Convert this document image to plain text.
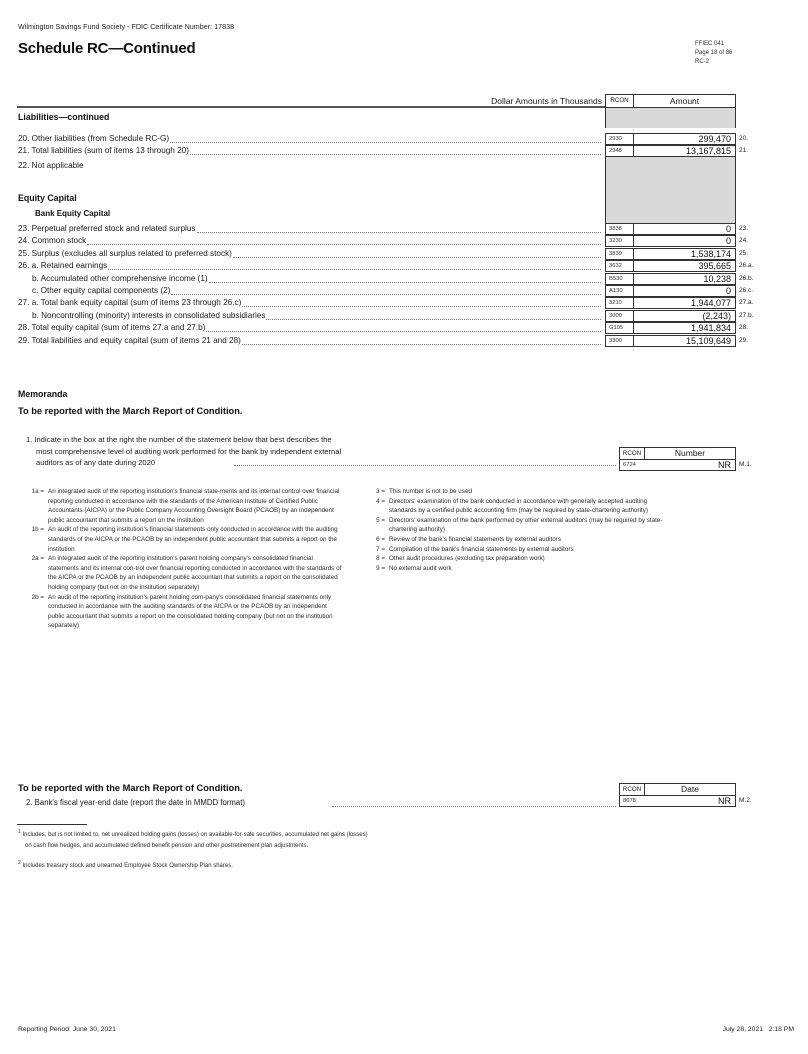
Wilmington Savings Fund Society - FDIC Certificate Number: 17838
Schedule RC—Continued	FFIEC 041
Page 18 of 86
RC-2
Dollar Amounts in Thousands	RCON	Amount
Liabilities—continued
20. Other liabilities (from Schedule RC-G)	2930	299,470	20.
21. Total liabilities (sum of items 13 through 20)	2948	13,167,815	21.
22. Not applicable
Equity Capital
Bank Equity Capital
23. Perpetual preferred stock and related surplus	3838	0	23.
24. Common stock	3230	0	24.
25. Surplus (excludes all surplus related to preferred stock)	3839	1,538,174	25.
26. a. Retained earnings	3632	395,665	26.a.
b. Accumulated other comprehensive income (1)	B530	10,238	26.b.
c. Other equity capital components (2)	A130	0	26.c.
27. a. Total bank equity capital (sum of items 23 through 26.c)	3210	1,944,077	27.a.
b. Noncontrolling (minority) interests in consolidated subsidiaries	3000	(2,243)	27.b.
28. Total equity capital (sum of items 27.a and 27.b)	G105	1,941,834	28.
29. Total liabilities and equity capital (sum of items 21 and 28)	3300	15,109,649	29.
Memoranda
To be reported with the March Report of Condition.
1. Indicate in the box at the right the number of the statement below that best describes the
most comprehensive level of auditing work performed for the bank by independent external
auditors as of any date during 2020
RCON	Number
6724	NR	M.1.
1a = An integrated audit of the reporting institution's financial state-ments and its internal control over financial reporting conducted in accordance with the standards of the American Institute of Certified Public Accountants (AICPA) or the Public Company Accounting Oversight Board (PCAOB) by an independent public accountant that submits a report on the institution
1b = An audit of the reporting institution's financial statements only conducted in accordance with the auditing standards of the AICPA or the PCAOB by an independent public accountant that submits a report on the institution
2a = An integrated audit of the reporting institution's parent holding company's consolidated financial statements and its internal con-trol over financial reporting conducted in accordance with the standards of the AICPA or the PCAOB by an independent public accountant that submits a report on the consolidated holding company (but not on the institution separately)
2b = An audit of the reporting institution's parent holding com-pany's consolidated financial statements only conducted in accordance with the auditing standards of the AICPA or the PCAOB by an independent public accountant that submits a report on the consolidated holding company (but not on the institution separately)
3 = This number is not to be used
4 = Directors' examination of the bank conducted in accordance with generally accepted auditing standards by a certified public accounting firm (may be required by state-chartering authority)
5 = Directors' examination of the bank performed by other external auditors (may be required by state-chartering authority)
6 = Review of the bank's financial statements by external auditors
7 = Compilation of the bank's financial statements by external auditors
8 = Other audit procedures (excluding tax preparation work)
9 = No external audit work
To be reported with the March Report of Condition.
2. Bank's fiscal year-end date (report the date in MMDD format)
RCON	Date
8678	NR	M.2.
$^1$ Includes, but is not limited to, net unrealized holding gains (losses) on available-for-sale securities, accumulated net gains (losses)
on cash flow hedges, and accumulated defined benefit pension and other postretirement plan adjustments.
$^2$ Includes treasury stock and unearned Employee Stock Ownership Plan shares.
Reporting Period: June 30, 2021	July 28, 2021   2:18 PM
